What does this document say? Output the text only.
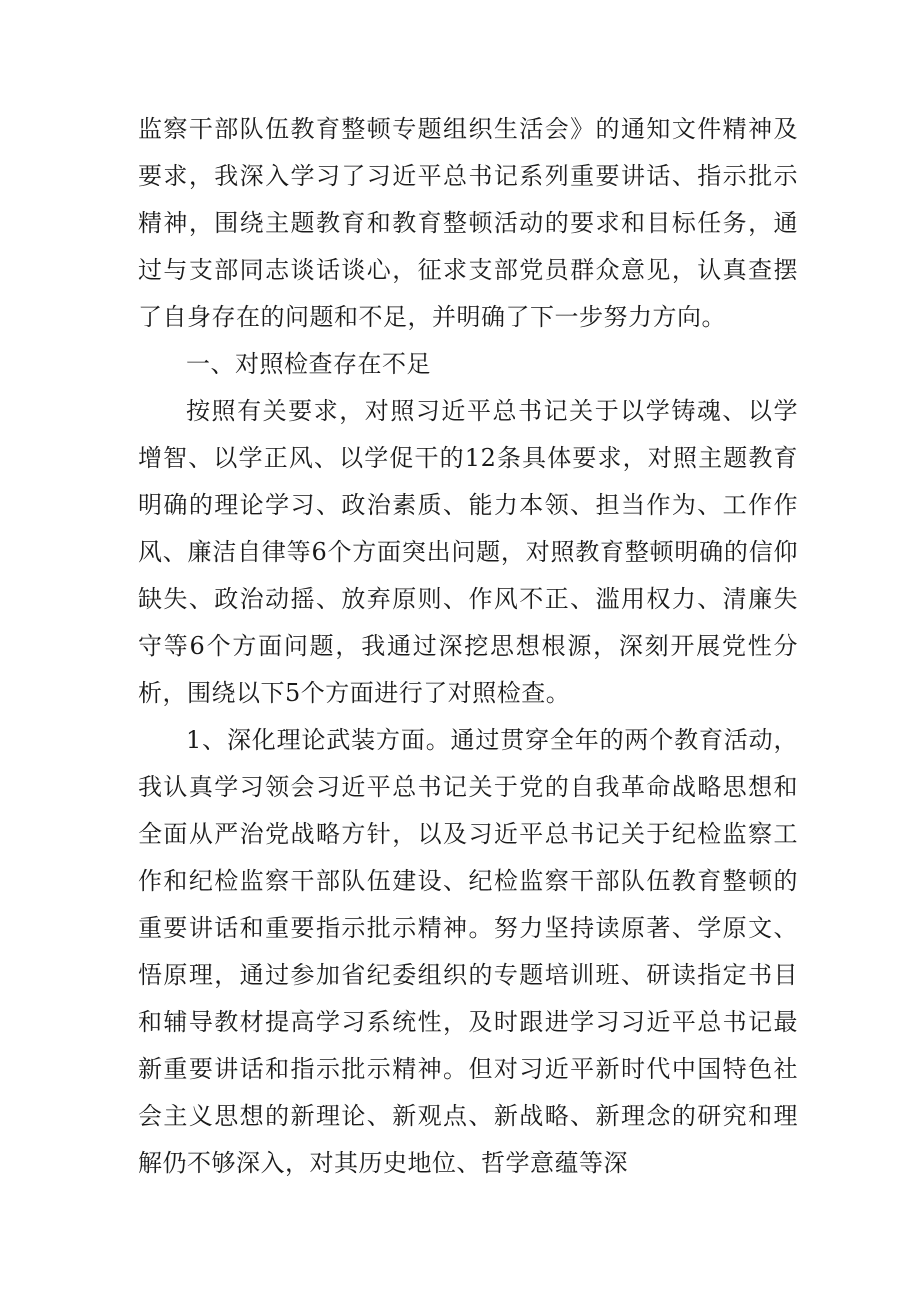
监察干部队伍教育整顿专题组织生活会》的通知文件精神及要求，我深入学习了习近平总书记系列重要讲话、指示批示精神，围绕主题教育和教育整顿活动的要求和目标任务，通过与支部同志谈话谈心，征求支部党员群众意见，认真查摆了自身存在的问题和不足，并明确了下一步努力方向。

一、对照检查存在不足

按照有关要求，对照习近平总书记关于以学铸魂、以学增智、以学正风、以学促干的12条具体要求，对照主题教育明确的理论学习、政治素质、能力本领、担当作为、工作作风、廉洁自律等6个方面突出问题，对照教育整顿明确的信仰缺失、政治动摇、放弃原则、作风不正、滥用权力、清廉失守等6个方面问题，我通过深挖思想根源，深刻开展党性分析，围绕以下5个方面进行了对照检查。

1、深化理论武装方面。通过贯穿全年的两个教育活动，我认真学习领会习近平总书记关于党的自我革命战略思想和全面从严治党战略方针，以及习近平总书记关于纪检监察工作和纪检监察干部队伍建设、纪检监察干部队伍教育整顿的重要讲话和重要指示批示精神。努力坚持读原著、学原文、悟原理，通过参加省纪委组织的专题培训班、研读指定书目和辅导教材提高学习系统性，及时跟进学习习近平总书记最新重要讲话和指示批示精神。但对习近平新时代中国特色社会主义思想的新理论、新观点、新战略、新理念的研究和理解仍不够深入，对其历史地位、哲学意蕴等深
